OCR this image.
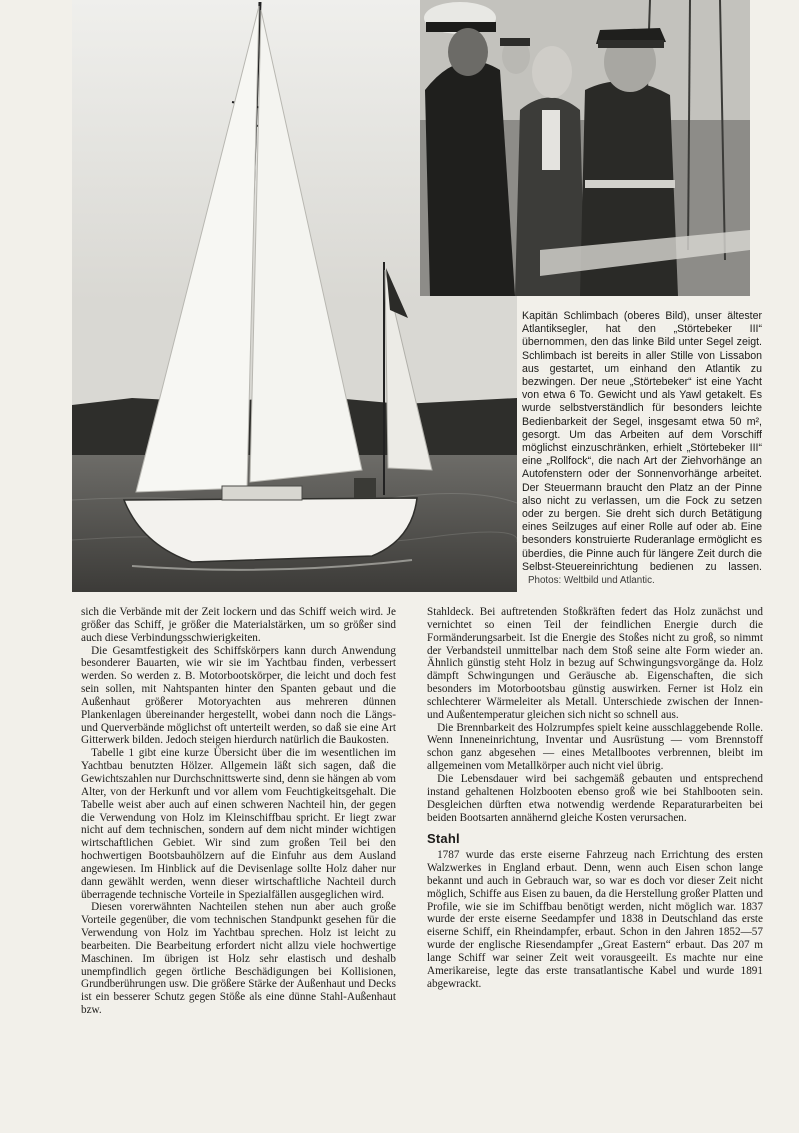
Kapitän Schlimbach (oberes Bild), unser ältester Atlantiksegler, hat den „Störtebeker III“ übernommen, den das linke Bild unter Segel zeigt. Schlimbach ist bereits in aller Stille von Lissabon aus gestartet, um einhand den Atlantik zu bezwingen. Der neue „Störtebeker“ ist eine Yacht von etwa 6 To. Gewicht und als Yawl getakelt. Es wurde selbstverständlich für besonders leichte Bedienbarkeit der Segel, insgesamt etwa 50 m², gesorgt. Um das Arbeiten auf dem Vorschiff möglichst einzuschränken, erhielt „Störtebeker III“ eine „Rollfock“, die nach Art der Ziehvorhänge an Autofenstern oder der Sonnenvorhänge arbeitet. Der Steuermann braucht den Platz an der Pinne also nicht zu verlassen, um die Fock zu setzen oder zu bergen. Sie dreht sich durch Betätigung eines Seilzuges auf einer Rolle auf oder ab. Eine besonders konstruierte Ruderanlage ermöglicht es überdies, die Pinne auch für längere Zeit durch die Selbst-Steuereinrichtung bedienen zu lassen. Photos: Weltbild und Atlantic.

sich die Verbände mit der Zeit lockern und das Schiff weich wird. Je größer das Schiff, je größer die Materialstärken, um so größer sind auch diese Verbindungsschwierigkeiten.

Die Gesamtfestigkeit des Schiffskörpers kann durch Anwendung besonderer Bauarten, wie wir sie im Yachtbau finden, verbessert werden. So werden z. B. Motorbootskörper, die leicht und doch fest sein sollen, mit Nahtspanten hinter den Spanten gebaut und die Außenhaut größerer Motoryachten aus mehreren dünnen Plankenlagen übereinander hergestellt, wobei dann noch die Längs- und Querverbände möglichst oft unterteilt werden, so daß sie eine Art Gitterwerk bilden. Jedoch steigen hierdurch natürlich die Baukosten.

Tabelle 1 gibt eine kurze Übersicht über die im wesentlichen im Yachtbau benutzten Hölzer. Allgemein läßt sich sagen, daß die Gewichtszahlen nur Durchschnittswerte sind, denn sie hängen ab vom Alter, von der Herkunft und vor allem vom Feuchtigkeitsgehalt. Die Tabelle weist aber auch auf einen schweren Nachteil hin, der gegen die Verwendung von Holz im Kleinschiffbau spricht. Er liegt zwar nicht auf dem technischen, sondern auf dem nicht minder wichtigen wirtschaftlichen Gebiet. Wir sind zum großen Teil bei den hochwertigen Bootsbauhölzern auf die Einfuhr aus dem Ausland angewiesen. Im Hinblick auf die Devisenlage sollte Holz daher nur dann gewählt werden, wenn dieser wirtschaftliche Nachteil durch überragende technische Vorteile in Spezialfällen ausgeglichen wird.

Diesen vorerwähnten Nachteilen stehen nun aber auch große Vorteile gegenüber, die vom technischen Standpunkt gesehen für die Verwendung von Holz im Yachtbau sprechen. Holz ist leicht zu bearbeiten. Die Bearbeitung erfordert nicht allzu viele hochwertige Maschinen. Im übrigen ist Holz sehr elastisch und deshalb unempfindlich gegen örtliche Beschädigungen bei Kollisionen, Grundberührungen usw. Die größere Stärke der Außenhaut und Decks ist ein besserer Schutz gegen Stöße als eine dünne Stahl-Außenhaut bzw.

Stahldeck. Bei auftretenden Stoßkräften federt das Holz zunächst und vernichtet so einen Teil der feindlichen Energie durch die Formänderungsarbeit. Ist die Energie des Stoßes nicht zu groß, so nimmt der Verbandsteil unmittelbar nach dem Stoß seine alte Form wieder an. Ähnlich günstig steht Holz in bezug auf Schwingungsvorgänge da. Holz dämpft Schwingungen und Geräusche ab. Eigenschaften, die sich besonders im Motorbootsbau günstig auswirken. Ferner ist Holz ein schlechterer Wärmeleiter als Metall. Unterschiede zwischen der Innen- und Außentemperatur gleichen sich nicht so schnell aus.

Die Brennbarkeit des Holzrumpfes spielt keine ausschlaggebende Rolle. Wenn Inneneinrichtung, Inventar und Ausrüstung — vom Brennstoff schon ganz abgesehen — eines Metallbootes verbrennen, bleibt im allgemeinen vom Metallkörper auch nicht viel übrig.

Die Lebensdauer wird bei sachgemäß gebauten und entsprechend instand gehaltenen Holzbooten ebenso groß wie bei Stahlbooten sein. Desgleichen dürften etwa notwendig werdende Reparaturarbeiten bei beiden Bootsarten annähernd gleiche Kosten verursachen.

Stahl

1787 wurde das erste eiserne Fahrzeug nach Errichtung des ersten Walzwerkes in England erbaut. Denn, wenn auch Eisen schon lange bekannt und auch in Gebrauch war, so war es doch vor dieser Zeit nicht möglich, Schiffe aus Eisen zu bauen, da die Herstellung großer Platten und Profile, wie sie im Schiffbau benötigt werden, nicht möglich war. 1837 wurde der erste eiserne Seedampfer und 1838 in Deutschland das erste eiserne Schiff, ein Rheindampfer, erbaut. Schon in den Jahren 1852—57 wurde der englische Riesendampfer „Great Eastern“ erbaut. Das 207 m lange Schiff war seiner Zeit weit vorausgeeilt. Es machte nur eine Amerikareise, legte das erste transatlantische Kabel und wurde 1891 abgewrackt.
